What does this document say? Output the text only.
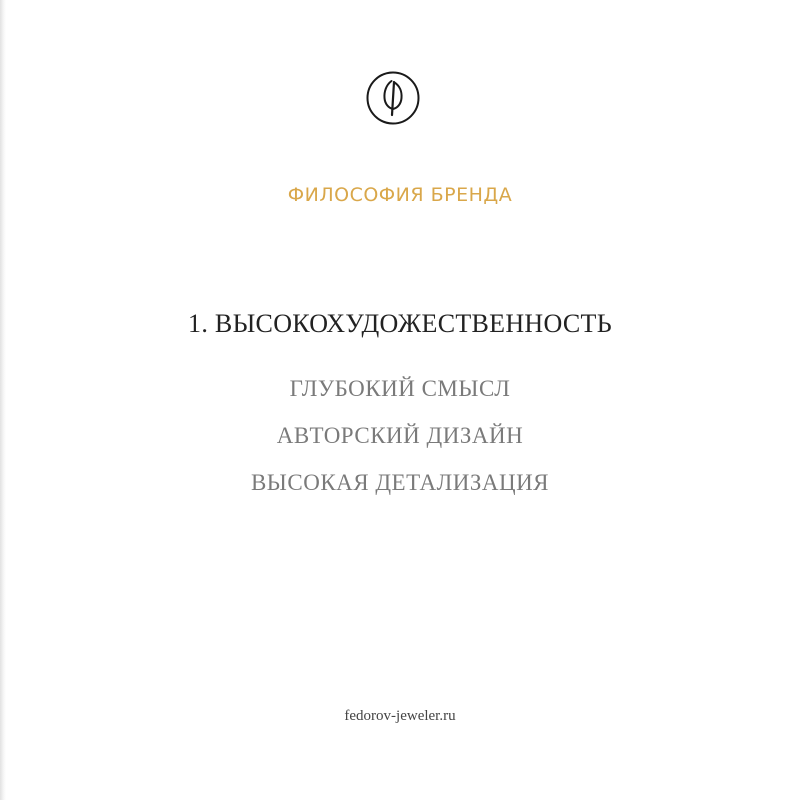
ФИЛОСОФИЯ БРЕНДА
1. ВЫСОКОХУДОЖЕСТВЕННОСТЬ
ГЛУБОКИЙ СМЫСЛ
АВТОРСКИЙ ДИЗАЙН
ВЫСОКАЯ ДЕТАЛИЗАЦИЯ
fedorov-jeweler.ru
